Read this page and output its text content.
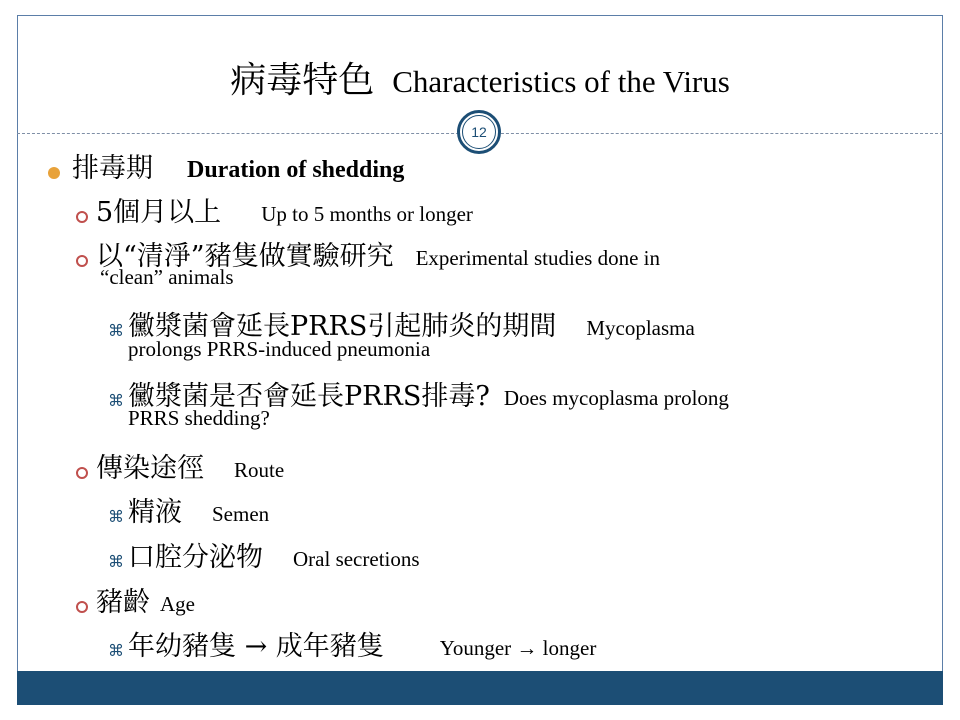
病毒特色 Characteristics of the Virus
12
排毒期 Duration of shedding
5個月以上 Up to 5 months or longer
以“清淨”豬隻做實驗研究 Experimental studies done in
“clean” animals
⌘ 黴漿菌會延長PRRS引起肺炎的期間 Mycoplasma
prolongs PRRS-induced pneumonia
⌘ 黴漿菌是否會延長PRRS排毒? Does mycoplasma prolong
PRRS shedding?
傳染途徑 Route
⌘ 精液 Semen
⌘ 口腔分泌物 Oral secretions
豬齡 Age
⌘ 年幼豬隻 → 成年豬隻	Younger → longer
